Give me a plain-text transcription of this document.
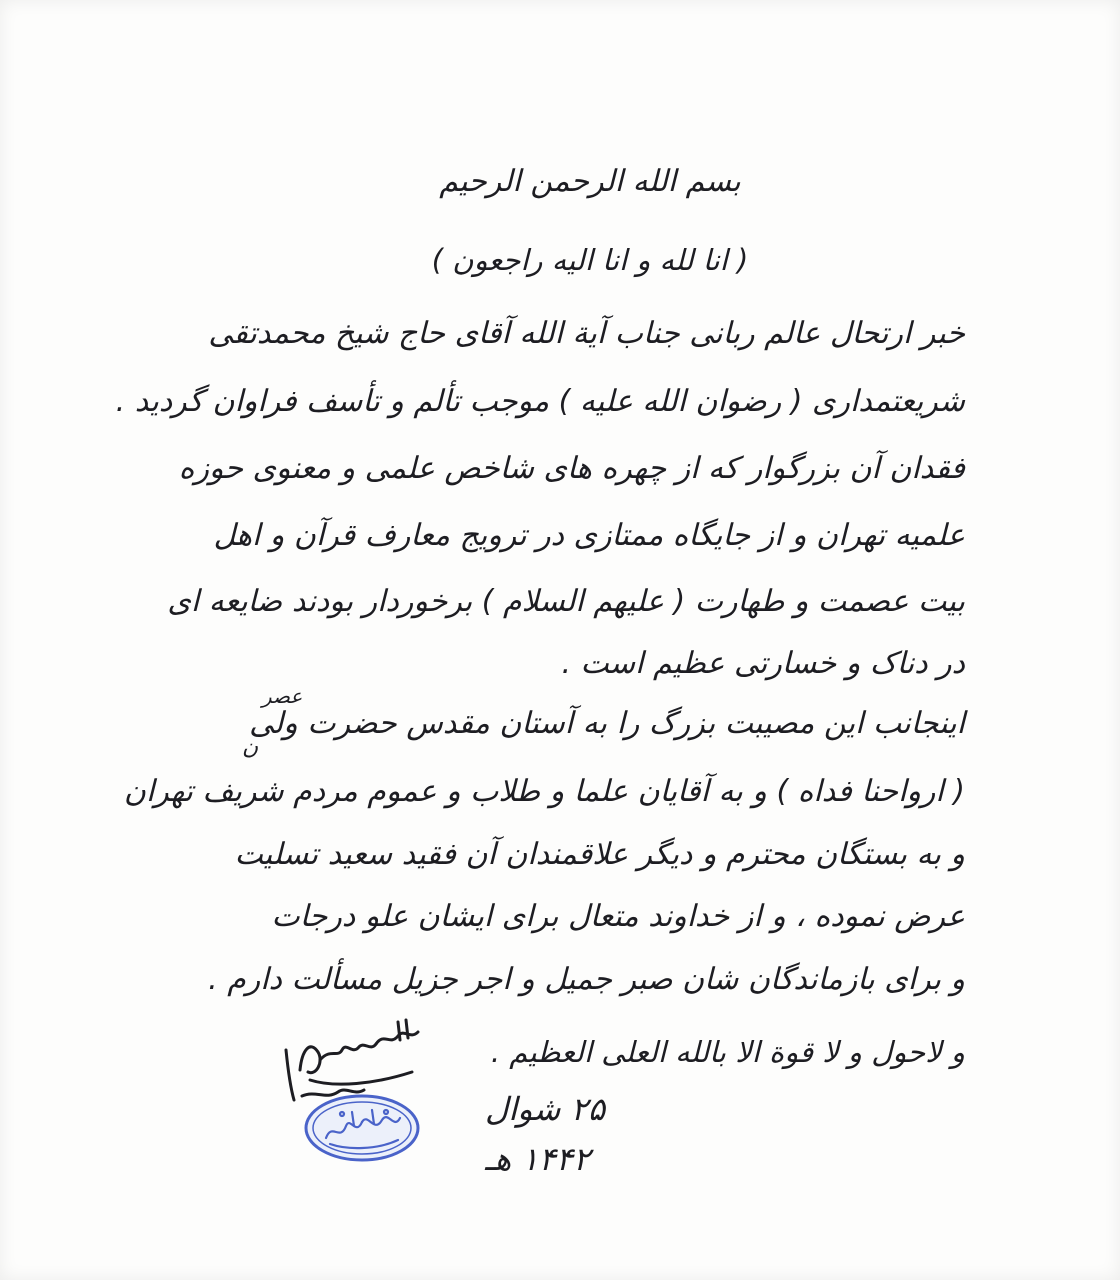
بسم الله الرحمن الرحیم
( انا لله و انا الیه راجعون )
خبر ارتحال عالم ربانی جناب آیة الله آقای حاج شیخ محمدتقی
شریعتمداری ( رضوان الله علیه ) موجب تألم و تأسف فراوان گردید .
فقدان آن بزرگوار که از چهره های شاخص علمی و معنوی حوزه
علمیه تهران و از جایگاه ممتازی در ترویج معارف قرآن و اهل
بیت عصمت و طهارت ( علیهم السلام ) برخوردار بودند ضایعه ای
در دناک و خسارتی عظیم است .
اینجانب این مصیبت بزرگ را به آستان مقدس حضرت ولی
( ارواحنا فداه ) و به آقایان علما و طلاب و عموم مردم شریف تهران
و به بستگان محترم و دیگر علاقمندان آن فقید سعید تسلیت
عرض نموده ، و از خداوند متعال برای ایشان علو درجات
و برای بازماندگان شان صبر جمیل و اجر جزیل مسألت دارم .
عصر
ن
و لاحول و لا قوة الا بالله العلی العظیم .
۲۵ شوال
۱۴۴۲ هـ
